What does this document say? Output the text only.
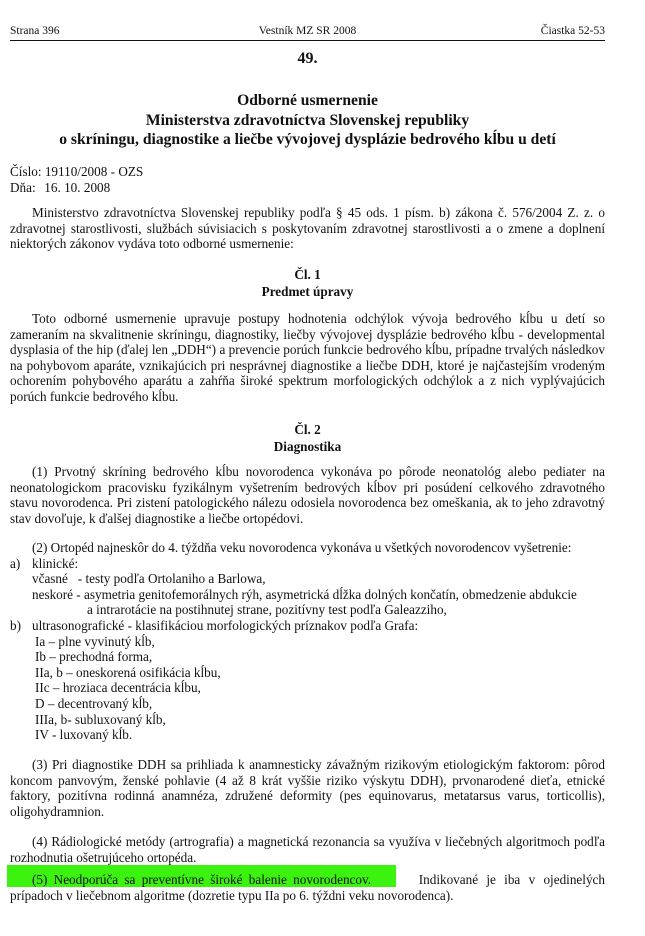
Strana 396	Vestník MZ SR 2008	Čiastka 52-53
49.
Odborné usmernenie
Ministerstva zdravotníctva Slovenskej republiky
o skríningu, diagnostike a liečbe vývojovej dysplázie bedrového kĺbu u detí
Číslo: 19110/2008 - OZS
Dňa: 16. 10. 2008
Ministerstvo zdravotníctva Slovenskej republiky podľa § 45 ods. 1 písm. b) zákona č. 576/2004 Z. z. o zdravotnej starostlivosti, službách súvisiacich s poskytovaním zdravotnej starostlivosti a o zmene a doplnení niektorých zákonov vydáva toto odborné usmernenie:
Čl. 1
Predmet úpravy
Toto odborné usmernenie upravuje postupy hodnotenia odchýlok vývoja bedrového kĺbu u detí so zameraním na skvalitnenie skríningu, diagnostiky, liečby vývojovej dysplázie bedrového kĺbu - developmental dysplasia of the hip (ďalej len „DDH“) a prevencie porúch funkcie bedrového kĺbu, prípadne trvalých následkov na pohybovom aparáte, vznikajúcich pri nesprávnej diagnostike a liečbe DDH, ktoré je najčastejším vrodeným ochorením pohybového aparátu a zahŕňa široké spektrum morfologických odchýlok a z nich vyplývajúcich porúch funkcie bedrového kĺbu.
Čl. 2
Diagnostika
(1) Prvotný skríning bedrového kĺbu novorodenca vykonáva po pôrode neonatológ alebo pediater na neonatologickom pracovisku fyzikálnym vyšetrením bedrových kĺbov pri posúdení celkového zdravotného stavu novorodenca. Pri zistení patologického nálezu odosiela novorodenca bez omeškania, ak to jeho zdravotný stav dovoľuje, k ďalšej diagnostike a liečbe ortopédovi.
(2) Ortopéd najneskôr do 4. týždňa veku novorodenca vykonáva u všetkých novorodencov vyšetrenie:
a) klinické:
včasné   - testy podľa Ortolaniho a Barlowa,
neskoré - asymetria genitofemorálnych rýh, asymetrická dĺžka dolných končatín, obmedzenie abdukcie
a intrarotácie na postihnutej strane, pozitívny test podľa Galeazziho,
b) ultrasonografické - klasifikáciou morfologických príznakov podľa Grafa:
Ia – plne vyvinutý kĺb,
Ib – prechodná forma,
IIa, b – oneskorená osifikácia kĺbu,
IIc – hroziaca decentrácia kĺbu,
D – decentrovaný kĺb,
IIIa, b- subluxovaný kĺb,
IV - luxovaný kĺb.
(3) Pri diagnostike DDH sa prihliada k anamnesticky závažným rizikovým etiologickým faktorom: pôrod koncom panvovým, ženské pohlavie (4 až 8 krát vyššie riziko výskytu DDH), prvonarodené dieťa, etnické faktory, pozitívna rodinná anamnéza, združené deformity (pes equinovarus, metatarsus varus, torticollis), oligohydramnion.
(4) Rádiologické metódy (artrografia) a magnetická rezonancia sa využíva v liečebných algoritmoch podľa rozhodnutia ošetrujúceho ortopéda.
(5) Neodporúča sa preventívne široké balenie novorodencov.	Indikované je iba v ojedinelých
prípadoch v liečebnom algoritme (dozretie typu IIa po 6. týždni veku novorodenca).
